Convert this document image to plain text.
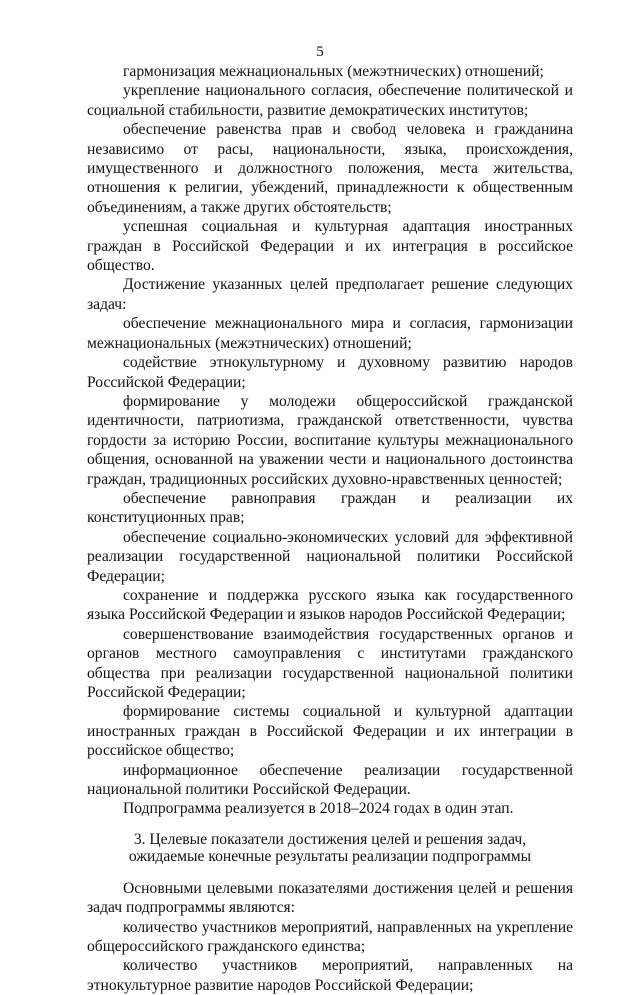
5

гармонизация межнациональных (межэтнических) отношений;

укрепление национального согласия, обеспечение политической и социальной стабильности, развитие демократических институтов;

обеспечение равенства прав и свобод человека и гражданина независимо от расы, национальности, языка, происхождения, имущественного и должностного положения, места жительства, отношения к религии, убеждений, принадлежности к общественным объединениям, а также других обстоятельств;

успешная социальная и культурная адаптация иностранных граждан в Российской Федерации и их интеграция в российское общество.

Достижение указанных целей предполагает решение следующих задач:

обеспечение межнационального мира и согласия, гармонизации межнациональных (межэтнических) отношений;

содействие этнокультурному и духовному развитию народов Российской Федерации;

формирование у молодежи общероссийской гражданской идентичности, патриотизма, гражданской ответственности, чувства гордости за историю России, воспитание культуры межнационального общения, основанной на уважении чести и национального достоинства граждан, традиционных российских духовно-нравственных ценностей;

обеспечение равноправия граждан и реализации их конституционных прав;

обеспечение социально-экономических условий для эффективной реализации государственной национальной политики Российской Федерации;

сохранение и поддержка русского языка как государственного языка Российской Федерации и языков народов Российской Федерации;

совершенствование взаимодействия государственных органов и органов местного самоуправления с институтами гражданского общества при реализации государственной национальной политики Российской Федерации;

формирование системы социальной и культурной адаптации иностранных граждан в Российской Федерации и их интеграции в российское общество;

информационное обеспечение реализации государственной национальной политики Российской Федерации.

Подпрограмма реализуется в 2018–2024 годах в один этап.

3. Целевые показатели достижения целей и решения задач,
ожидаемые конечные результаты реализации подпрограммы

Основными целевыми показателями достижения целей и решения задач подпрограммы являются:

количество участников мероприятий, направленных на укрепление общероссийского гражданского единства;

количество участников мероприятий, направленных на этнокультурное развитие народов Российской Федерации;
